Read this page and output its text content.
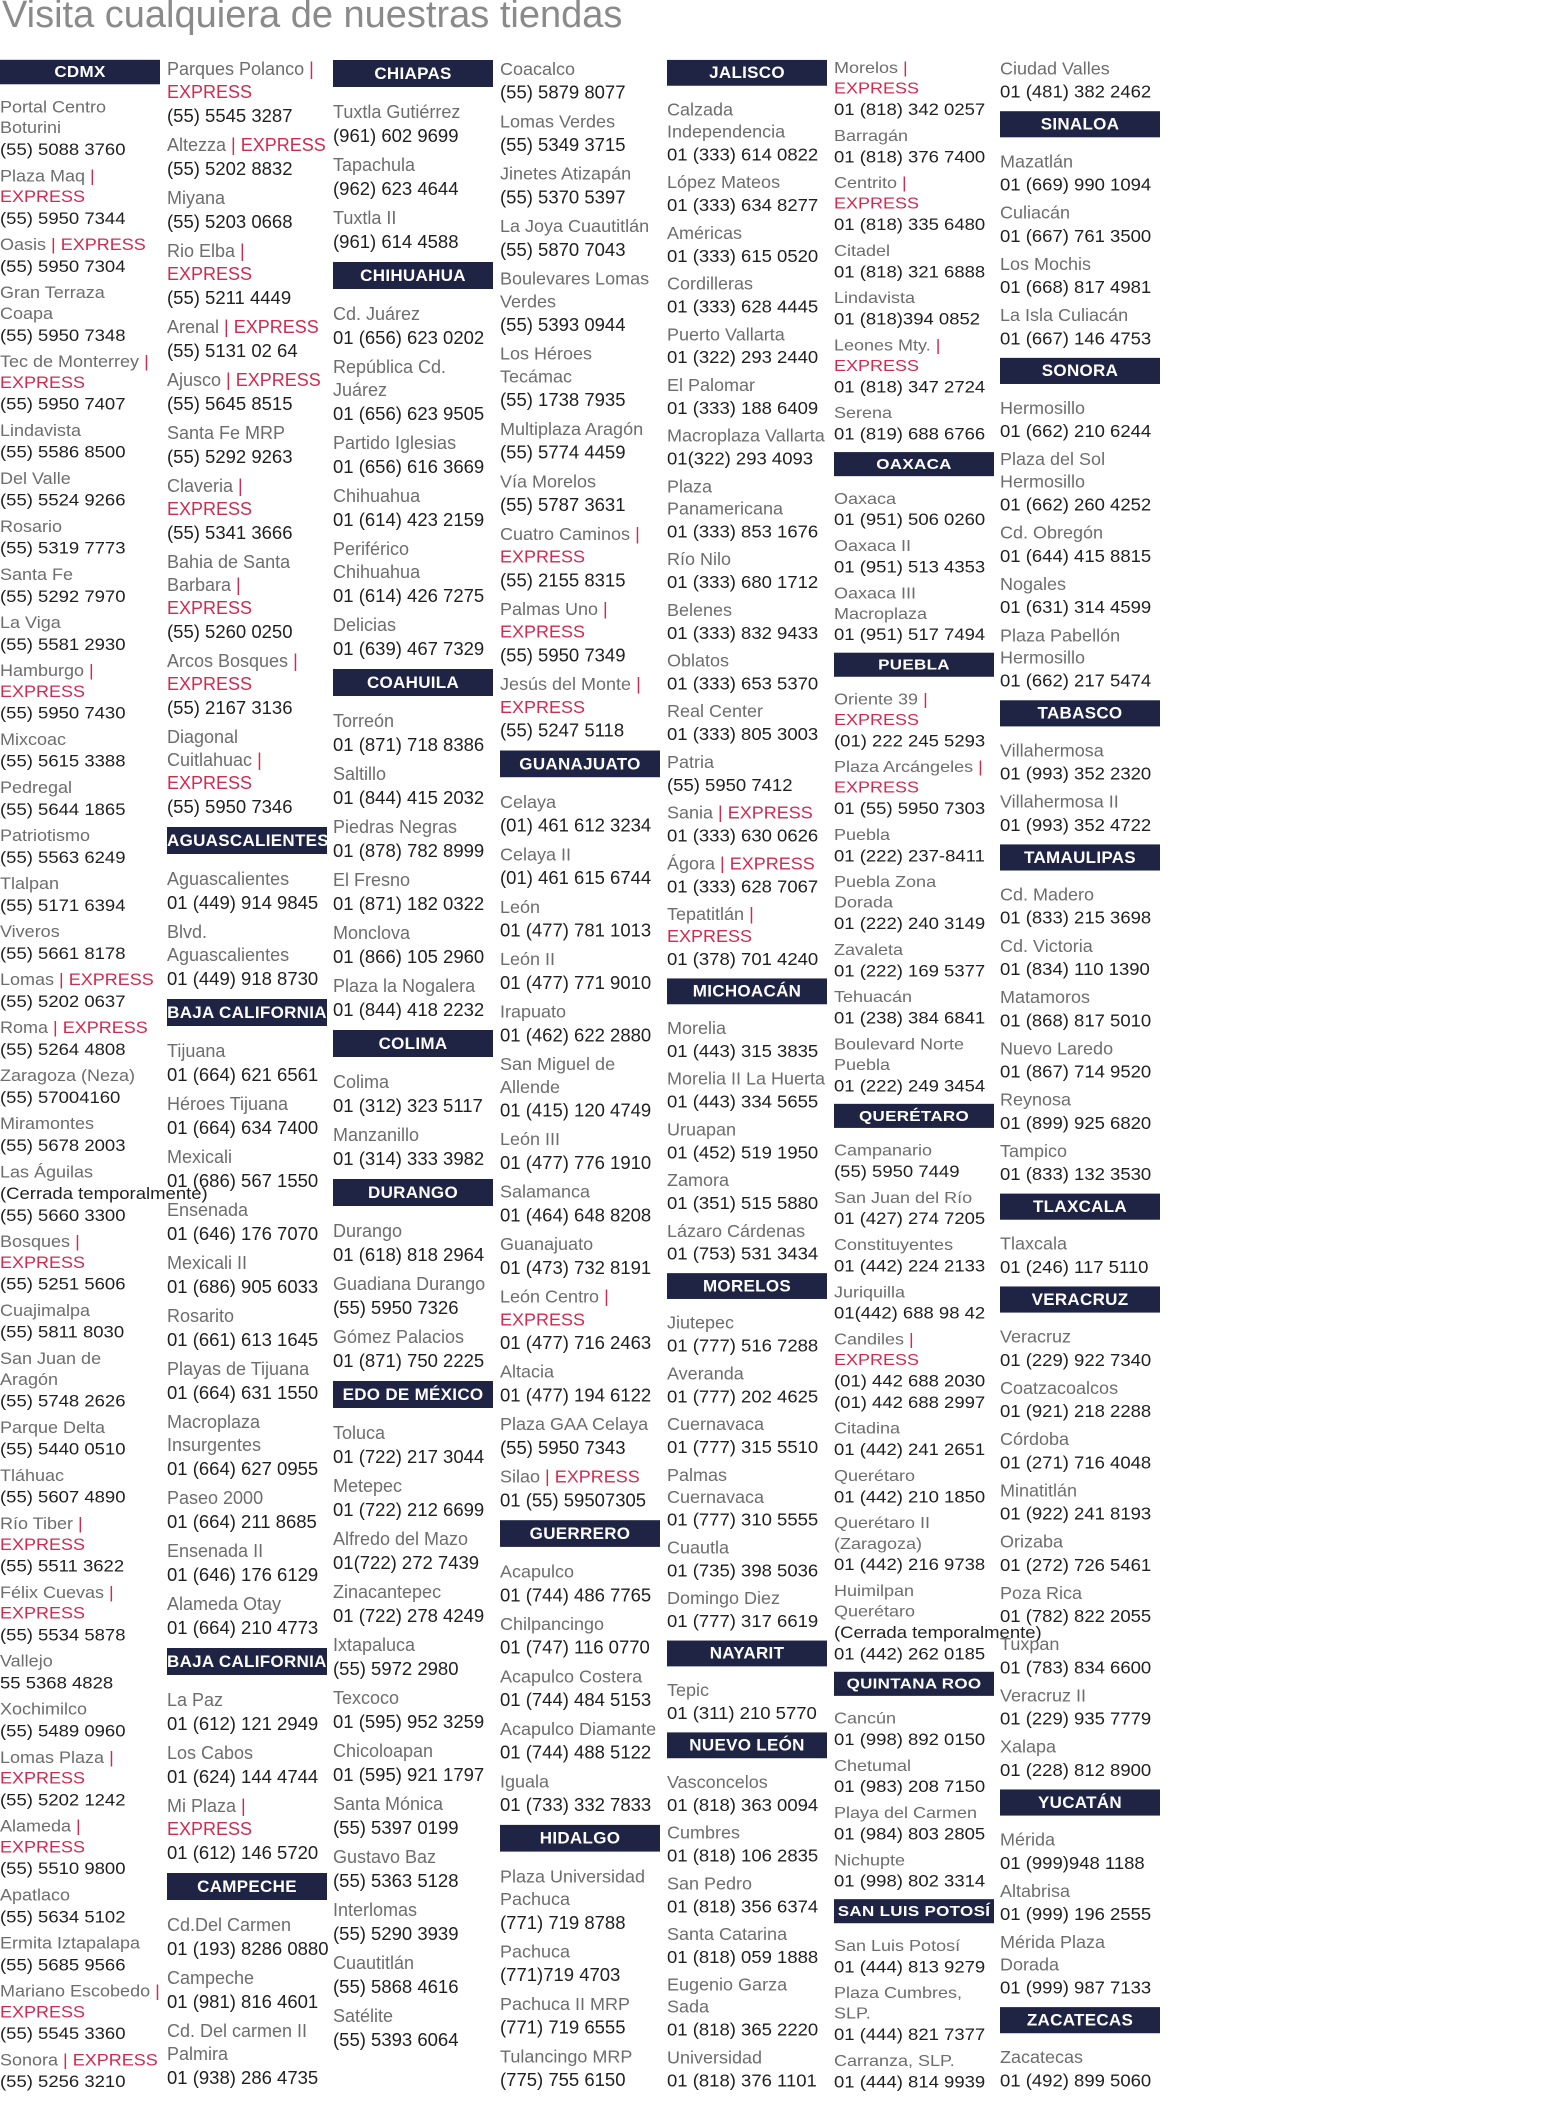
Visita cualquiera de nuestras tiendas
CDMX
Portal Centro Boturini
(55) 5088 3760
Plaza Maq | EXPRESS
(55) 5950 7344
Oasis | EXPRESS
(55) 5950 7304
Gran Terraza Coapa
(55) 5950 7348
Tec de Monterrey | EXPRESS
(55) 5950 7407
Lindavista
(55) 5586 8500
Del Valle
(55) 5524 9266
Rosario
(55) 5319 7773
Santa Fe
(55) 5292 7970
La Viga
(55) 5581 2930
Hamburgo | EXPRESS
(55) 5950 7430
Mixcoac
(55) 5615 3388
Pedregal
(55) 5644 1865
Patriotismo
(55) 5563 6249
Tlalpan
(55) 5171 6394
Viveros
(55) 5661 8178
Lomas | EXPRESS
(55) 5202 0637
Roma | EXPRESS
(55) 5264 4808
Zaragoza (Neza)
(55) 57004160
Miramontes
(55) 5678 2003
Las Águilas
(Cerrada temporalmente)
(55) 5660 3300
Bosques | EXPRESS
(55) 5251 5606
Cuajimalpa
(55) 5811 8030
San Juan de Aragón
(55) 5748 2626
Parque Delta
(55) 5440 0510
Tláhuac
(55) 5607 4890
Río Tiber | EXPRESS
(55) 5511 3622
Félix Cuevas | EXPRESS
(55) 5534 5878
Vallejo
55 5368 4828
Xochimilco
(55) 5489 0960
Lomas Plaza | EXPRESS
(55) 5202 1242
Alameda | EXPRESS
(55) 5510 9800
Apatlaco
(55) 5634 5102
Ermita Iztapalapa
(55) 5685 9566
Mariano Escobedo | EXPRESS
(55) 5545 3360
Sonora | EXPRESS
(55) 5256 3210
Parques Polanco | EXPRESS
(55) 5545 3287
Altezza | EXPRESS
(55) 5202 8832
Miyana
(55) 5203 0668
Rio Elba | EXPRESS
(55) 5211 4449
Arenal | EXPRESS
(55) 5131 02 64
Ajusco | EXPRESS
(55) 5645 8515
Santa Fe MRP
(55) 5292 9263
Claveria | EXPRESS
(55) 5341 3666
Bahia de Santa Barbara | EXPRESS
(55) 5260 0250
Arcos Bosques | EXPRESS
(55) 2167 3136
Diagonal Cuitlahuac | EXPRESS
(55) 5950 7346
AGUASCALIENTES
Aguascalientes
01 (449) 914 9845
Blvd. Aguascalientes
01 (449) 918 8730
BAJA CALIFORNIA
Tijuana
01 (664) 621 6561
Héroes Tijuana
01 (664) 634 7400
Mexicali
01 (686) 567 1550
Ensenada
01 (646) 176 7070
Mexicali II
01 (686) 905 6033
Rosarito
01 (661) 613 1645
Playas de Tijuana
01 (664) 631 1550
Macroplaza Insurgentes
01 (664) 627 0955
Paseo 2000
01 (664) 211 8685
Ensenada II
01 (646) 176 6129
Alameda Otay
01 (664) 210 4773
BAJA CALIFORNIA SUR
La Paz
01 (612) 121 2949
Los Cabos
01 (624) 144 4744
Mi Plaza | EXPRESS
01 (612) 146 5720
CAMPECHE
Cd.Del Carmen
01 (193) 8286 0880
Campeche
01 (981) 816 4601
Cd. Del carmen II Palmira
01 (938) 286 4735
CHIAPAS
Tuxtla Gutiérrez
(961) 602 9699
Tapachula
(962) 623 4644
Tuxtla II
(961) 614 4588
CHIHUAHUA
Cd. Juárez
01 (656) 623 0202
República Cd. Juárez
01 (656) 623 9505
Partido Iglesias
01 (656) 616 3669
Chihuahua
01 (614) 423 2159
Periférico Chihuahua
01 (614) 426 7275
Delicias
01 (639) 467 7329
COAHUILA
Torreón
01 (871) 718 8386
Saltillo
01 (844) 415 2032
Piedras Negras
01 (878) 782 8999
El Fresno
01 (871) 182 0322
Monclova
01 (866) 105 2960
Plaza la Nogalera
01 (844) 418 2232
COLIMA
Colima
01 (312) 323 5117
Manzanillo
01 (314) 333 3982
DURANGO
Durango
01 (618) 818 2964
Guadiana Durango
(55) 5950 7326
Gómez Palacios
01 (871) 750 2225
EDO DE MÉXICO
Toluca
01 (722) 217 3044
Metepec
01 (722) 212 6699
Alfredo del Mazo
01(722) 272 7439
Zinacantepec
01 (722) 278 4249
Ixtapaluca
(55) 5972 2980
Texcoco
01 (595) 952 3259
Chicoloapan
01 (595) 921 1797
Santa Mónica
(55) 5397 0199
Gustavo Baz
(55) 5363 5128
Interlomas
(55) 5290 3939
Cuautitlán
(55) 5868 4616
Satélite
(55) 5393 6064
Coacalco
(55) 5879 8077
Lomas Verdes
(55) 5349 3715
Jinetes Atizapán
(55) 5370 5397
La Joya Cuautitlán
(55) 5870 7043
Boulevares Lomas Verdes
(55) 5393 0944
Los Héroes Tecámac
(55) 1738 7935
Multiplaza Aragón
(55) 5774 4459
Vía Morelos
(55) 5787 3631
Cuatro Caminos | EXPRESS
(55) 2155 8315
Palmas Uno | EXPRESS
(55) 5950 7349
Jesús del Monte | EXPRESS
(55) 5247 5118
GUANAJUATO
Celaya
(01) 461 612 3234
Celaya II
(01) 461 615 6744
León
01 (477) 781 1013
León II
01 (477) 771 9010
Irapuato
01 (462) 622 2880
San Miguel de Allende
01 (415) 120 4749
León III
01 (477) 776 1910
Salamanca
01 (464) 648 8208
Guanajuato
01 (473) 732 8191
León Centro | EXPRESS
01 (477) 716 2463
Altacia
01 (477) 194 6122
Plaza GAA Celaya
(55) 5950 7343
Silao | EXPRESS
01 (55) 59507305
GUERRERO
Acapulco
01 (744) 486 7765
Chilpancingo
01 (747) 116 0770
Acapulco Costera
01 (744) 484 5153
Acapulco Diamante
01 (744) 488 5122
Iguala
01 (733) 332 7833
HIDALGO
Plaza Universidad Pachuca
(771) 719 8788
Pachuca
(771)719 4703
Pachuca II MRP
(771) 719 6555
Tulancingo MRP
(775) 755 6150
JALISCO
Calzada Independencia
01 (333) 614 0822
López Mateos
01 (333) 634 8277
Américas
01 (333) 615 0520
Cordilleras
01 (333) 628 4445
Puerto Vallarta
01 (322) 293 2440
El Palomar
01 (333) 188 6409
Macroplaza Vallarta
01(322) 293 4093
Plaza Panamericana
01 (333) 853 1676
Río Nilo
01 (333) 680 1712
Belenes
01 (333) 832 9433
Oblatos
01 (333) 653 5370
Real Center
01 (333) 805 3003
Patria
(55) 5950 7412
Sania | EXPRESS
01 (333) 630 0626
Ágora | EXPRESS
01 (333) 628 7067
Tepatitlán | EXPRESS
01 (378) 701 4240
MICHOACÁN
Morelia
01 (443) 315 3835
Morelia II La Huerta
01 (443) 334 5655
Uruapan
01 (452) 519 1950
Zamora
01 (351) 515 5880
Lázaro Cárdenas
01 (753) 531 3434
MORELOS
Jiutepec
01 (777) 516 7288
Averanda
01 (777) 202 4625
Cuernavaca
01 (777) 315 5510
Palmas Cuernavaca
01 (777) 310 5555
Cuautla
01 (735) 398 5036
Domingo Diez
01 (777) 317 6619
NAYARIT
Tepic
01 (311) 210 5770
NUEVO LEÓN
Vasconcelos
01 (818) 363 0094
Cumbres
01 (818) 106 2835
San Pedro
01 (818) 356 6374
Santa Catarina
01 (818) 059 1888
Eugenio Garza Sada
01 (818) 365 2220
Universidad
01 (818) 376 1101
Morelos | EXPRESS
01 (818) 342 0257
Barragán
01 (818) 376 7400
Centrito | EXPRESS
01 (818) 335 6480
Citadel
01 (818) 321 6888
Lindavista
01 (818)394 0852
Leones Mty. | EXPRESS
01 (818) 347 2724
Serena
01 (819) 688 6766
OAXACA
Oaxaca
01 (951) 506 0260
Oaxaca II
01 (951) 513 4353
Oaxaca III Macroplaza
01 (951) 517 7494
PUEBLA
Oriente 39 | EXPRESS
(01) 222 245 5293
Plaza Arcángeles | EXPRESS
01 (55) 5950 7303
Puebla
01 (222) 237-8411
Puebla Zona Dorada
01 (222) 240 3149
Zavaleta
01 (222) 169 5377
Tehuacán
01 (238) 384 6841
Boulevard Norte Puebla
01 (222) 249 3454
QUERÉTARO
Campanario
(55) 5950 7449
San Juan del Río
01 (427) 274 7205
Constituyentes
01 (442) 224 2133
Juriquilla
01(442) 688 98 42
Candiles | EXPRESS
(01) 442 688 2030
(01) 442 688 2997
Citadina
01 (442) 241 2651
Querétaro
01 (442) 210 1850
Querétaro II (Zaragoza)
01 (442) 216 9738
Huimilpan Querétaro
(Cerrada temporalmente)
01 (442) 262 0185
QUINTANA ROO
Cancún
01 (998) 892 0150
Chetumal
01 (983) 208 7150
Playa del Carmen
01 (984) 803 2805
Nichupte
01 (998) 802 3314
SAN LUIS POTOSÍ
San Luis Potosí
01 (444) 813 9279
Plaza Cumbres, SLP.
01 (444) 821 7377
Carranza, SLP.
01 (444) 814 9939
Ciudad Valles
01 (481) 382 2462
SINALOA
Mazatlán
01 (669) 990 1094
Culiacán
01 (667) 761 3500
Los Mochis
01 (668) 817 4981
La Isla Culiacán
01 (667) 146 4753
SONORA
Hermosillo
01 (662) 210 6244
Plaza del Sol Hermosillo
01 (662) 260 4252
Cd. Obregón
01 (644) 415 8815
Nogales
01 (631) 314 4599
Plaza Pabellón Hermosillo
01 (662) 217 5474
TABASCO
Villahermosa
01 (993) 352 2320
Villahermosa II
01 (993) 352 4722
TAMAULIPAS
Cd. Madero
01 (833) 215 3698
Cd. Victoria
01 (834) 110 1390
Matamoros
01 (868) 817 5010
Nuevo Laredo
01 (867) 714 9520
Reynosa
01 (899) 925 6820
Tampico
01 (833) 132 3530
TLAXCALA
Tlaxcala
01 (246) 117 5110
VERACRUZ
Veracruz
01 (229) 922 7340
Coatzacoalcos
01 (921) 218 2288
Córdoba
01 (271) 716 4048
Minatitlán
01 (922) 241 8193
Orizaba
01 (272) 726 5461
Poza Rica
01 (782) 822 2055
Tuxpan
01 (783) 834 6600
Veracruz II
01 (229) 935 7779
Xalapa
01 (228) 812 8900
YUCATÁN
Mérida
01 (999)948 1188
Altabrisa
01 (999) 196 2555
Mérida Plaza Dorada
01 (999) 987 7133
ZACATECAS
Zacatecas
01 (492) 899 5060
